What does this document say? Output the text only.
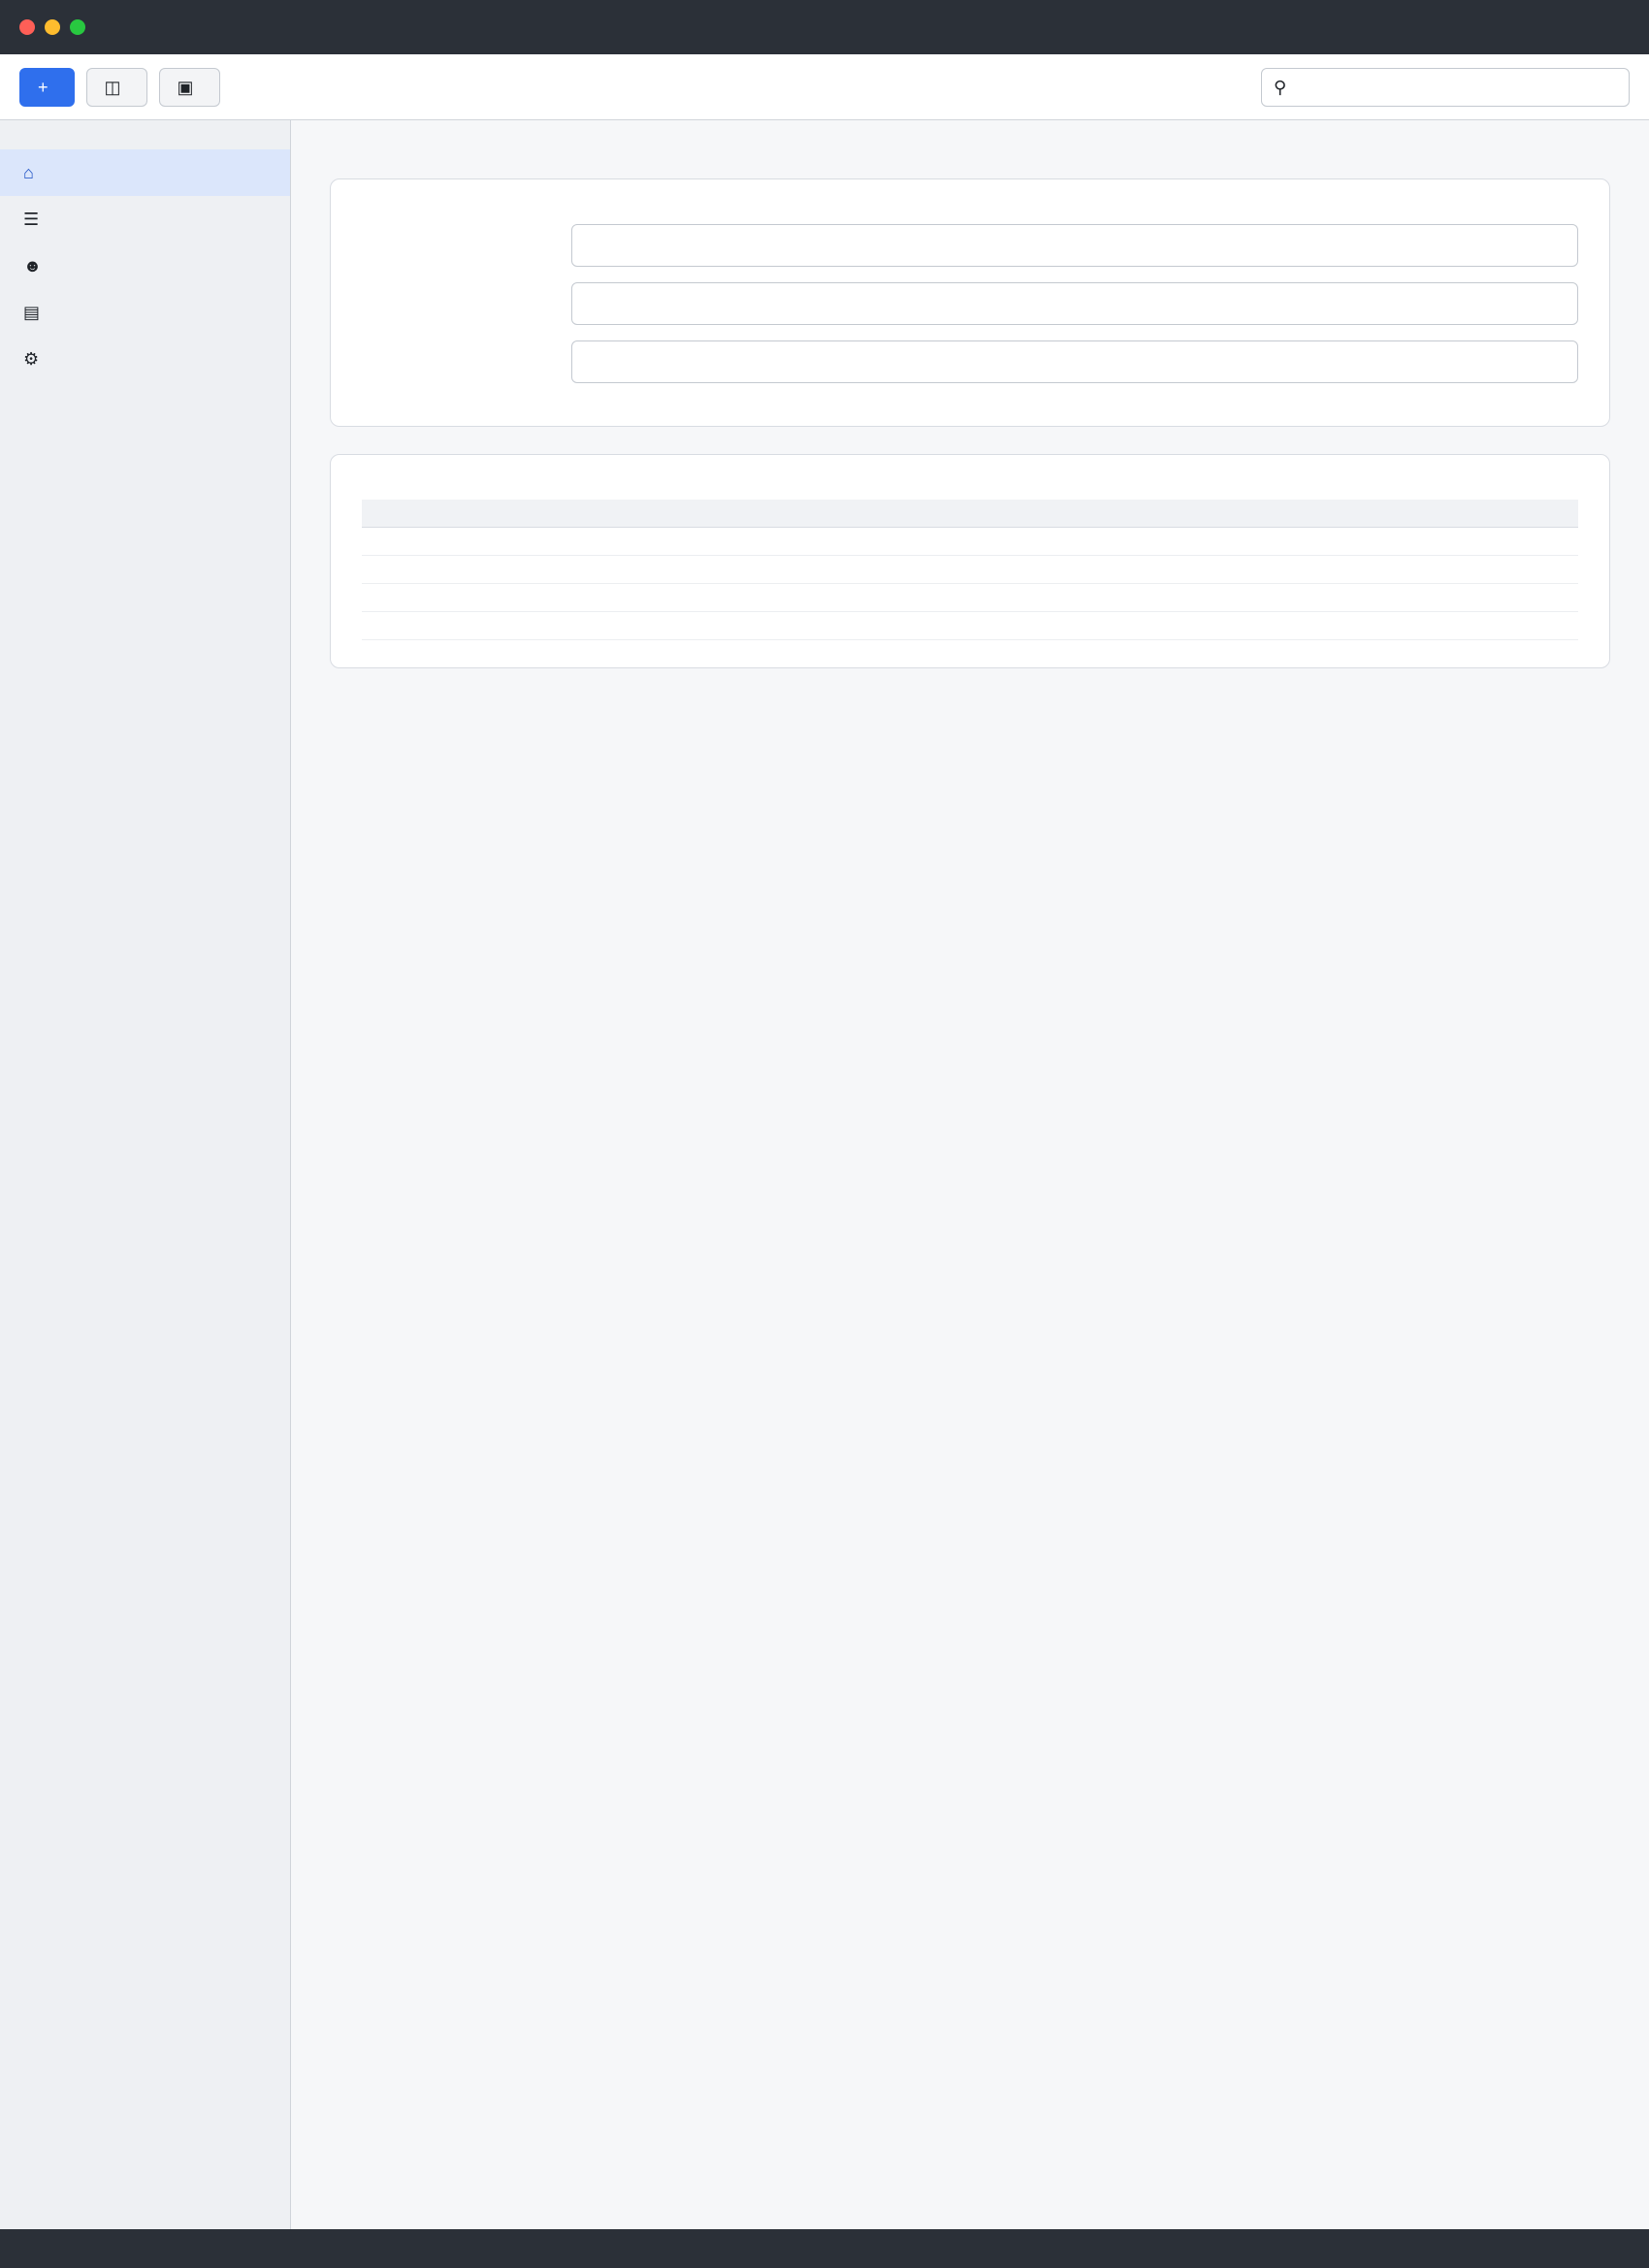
+	◫	▣	⚲
⌂
☰
☻
▤
⚙
